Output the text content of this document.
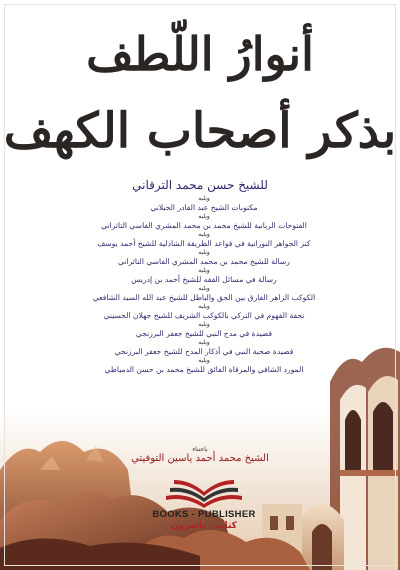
أنوارُ اللّطف
بذكر أصحاب الكهف
للشيخ حسن محمد الترقاني
ويليه
مكتوبات الشيخ عبد القادر الجيلاني
ويليه
الفتوحات الربانية للشيخ محمد بن محمد المشري الفاسي التاثراني
ويليه
كنز الجواهر النورانية في قواعد الطريقة الشاذلية للشيخ أحمد يوسف
ويليه
رسالة للشيخ محمد بن محمد المشري الفاسي التاثراني
ويليه
رسالة في مسائل الفقه للشيخ أحمد بن إدريس
ويليه
الكوكب الزاهر الفارق بين الحق والباطل للشيخ عبد الله السيد الشافعي
ويليه
تحفة الفهوم في التركي بالكوكب الشريف للشيخ جهلان الحسيني
ويليه
قصيدة في مدح النبي للشيخ جعفر البرزنجي
ويليه
قصيدة صحبة النبي في أذكار المدح للشيخ جعفر البرزنجي
ويليه
المورد الشافي والمرقاة الفائق للشيخ محمد بن حسن الدمياطي
باعتناء
الشيخ محمد أحمد ياسين التوفيتي
BOOKS - PUBLISHER
كتاب - ناشرون
